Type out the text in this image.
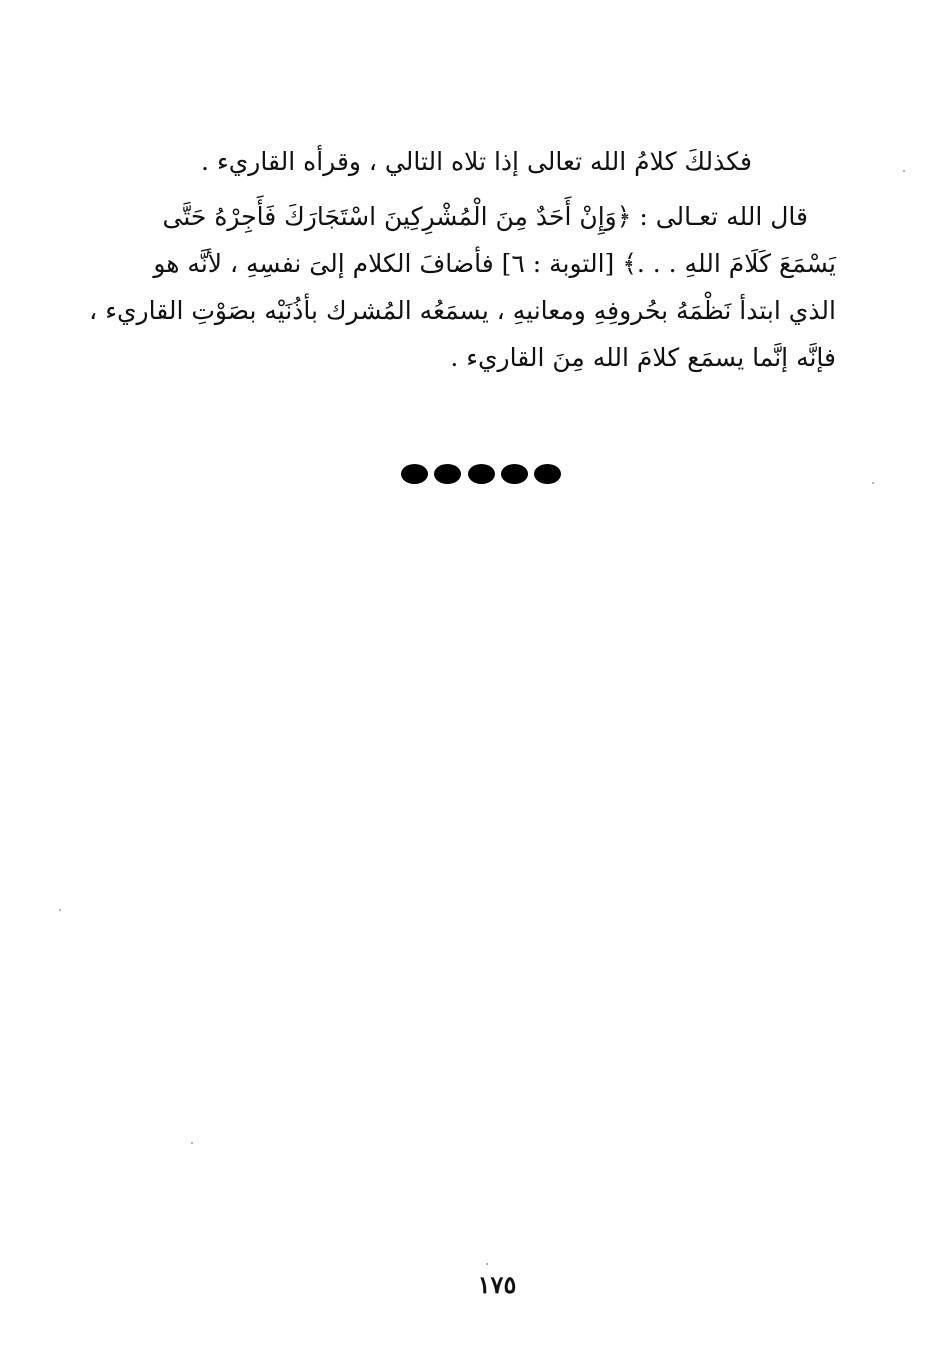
فكذلكَ كلامُ الله تعالى إذا تلاه التالي ، وقرأه القاريء .

قال الله تعـالى : ﴿وَإِنْ أَحَدٌ مِنَ الْمُشْرِكِينَ اسْتَجَارَكَ فَأَجِرْهُ حَتَّى
يَسْمَعَ كَلَامَ اللهِ . . .﴾ [التوبة : ٦] فأضافَ الكلام إلىَ نفسِهِ ، لأنَّه هو
الذي ابتدأ نَظْمَهُ بحُروفِهِ ومعانيهِ ، يسمَعُه المُشرك بأذُنَيْه بصَوْتِ القاريء ،
فإنَّه إنَّما يسمَع كلامَ الله مِنَ القاريء .

١٧٥
